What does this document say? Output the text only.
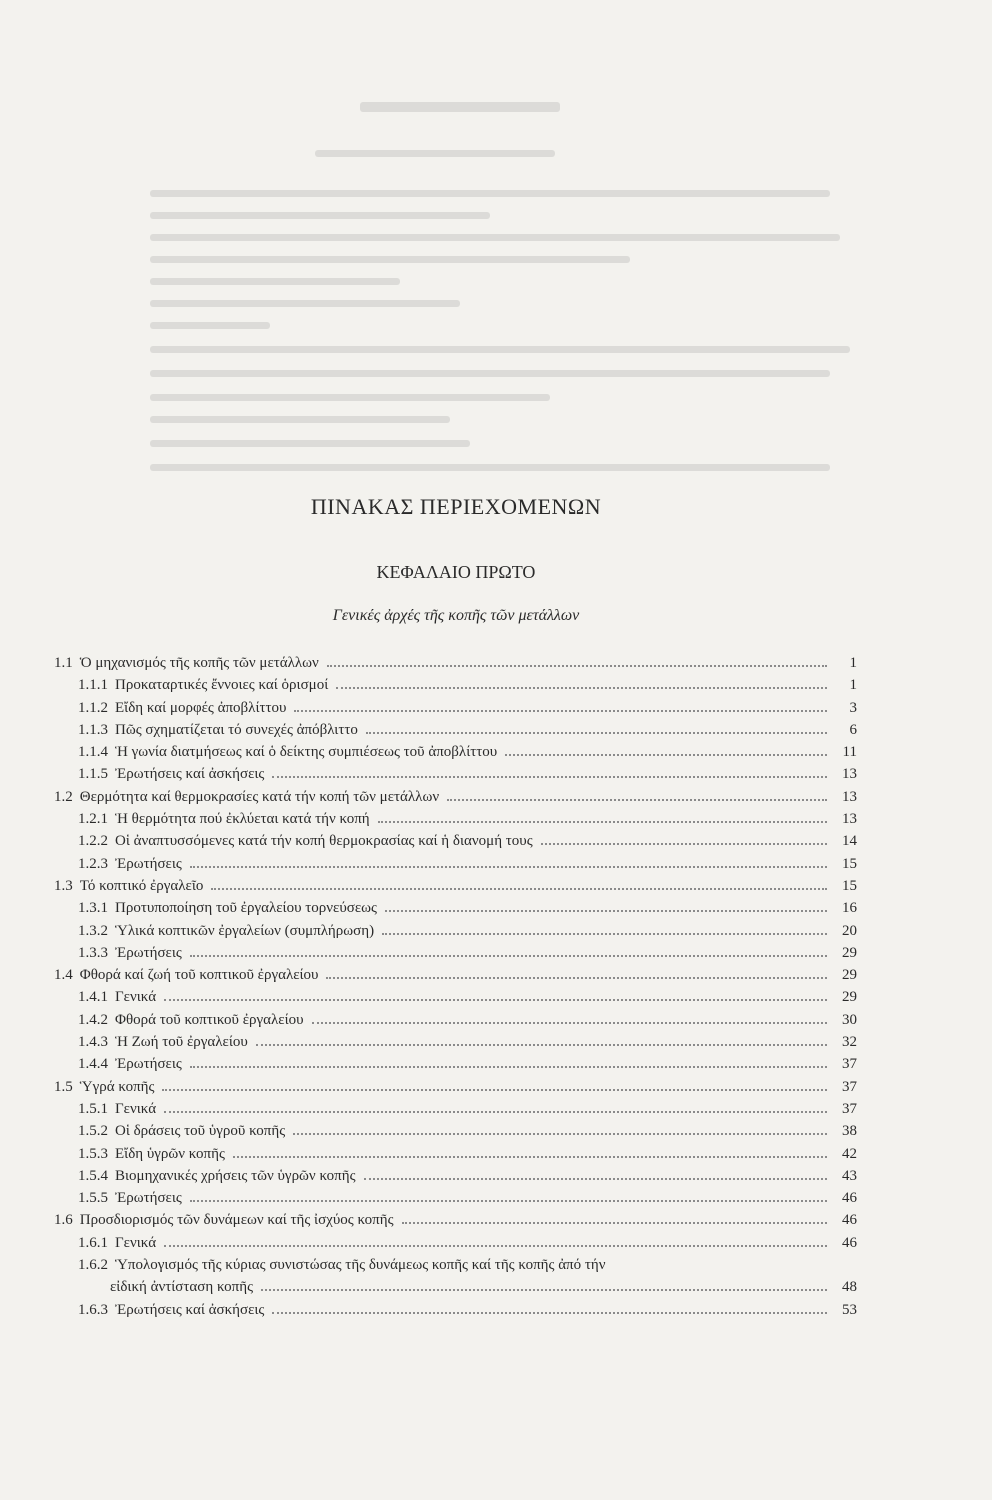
ΠΙΝΑΚΑΣ ΠΕΡΙΕΧΟΜΕΝΩΝ
ΚΕΦΑΛΑΙΟ ΠΡΩΤΟ
Γενικές ἀρχές τῆς κοπῆς τῶν μετάλλων
1.1 Ὁ μηχανισμός τῆς κοπῆς τῶν μετάλλων	1
1.1.1 Προκαταρτικές ἔννοιες καί ὁρισμοί	1
1.1.2 Εἴδη καί μορφές ἀποβλίττου	3
1.1.3 Πῶς σχηματίζεται τό συνεχές ἀπόβλιττο	6
1.1.4 Ἡ γωνία διατμήσεως καί ὁ δείκτης συμπιέσεως τοῦ ἀποβλίττου	11
1.1.5 Ἐρωτήσεις καί ἀσκήσεις	13
1.2 Θερμότητα καί θερμοκρασίες κατά τήν κοπή τῶν μετάλλων	13
1.2.1 Ἡ θερμότητα πού ἐκλύεται κατά τήν κοπή	13
1.2.2 Οἱ ἀναπτυσσόμενες κατά τήν κοπή θερμοκρασίας καί ἡ διανομή τους	14
1.2.3 Ἐρωτήσεις	15
1.3 Τό κοπτικό ἐργαλεῖο	15
1.3.1 Προτυποποίηση τοῦ ἐργαλείου τορνεύσεως	16
1.3.2 Ὑλικά κοπτικῶν ἐργαλείων (συμπλήρωση)	20
1.3.3 Ἐρωτήσεις	29
1.4 Φθορά καί ζωή τοῦ κοπτικοῦ ἐργαλείου	29
1.4.1 Γενικά	29
1.4.2 Φθορά τοῦ κοπτικοῦ ἐργαλείου	30
1.4.3 Ἡ Ζωή τοῦ ἐργαλείου	32
1.4.4 Ἐρωτήσεις	37
1.5 Ὑγρά κοπῆς	37
1.5.1 Γενικά	37
1.5.2 Οἱ δράσεις τοῦ ὑγροῦ κοπῆς	38
1.5.3 Εἴδη ὑγρῶν κοπῆς	42
1.5.4 Βιομηχανικές χρήσεις τῶν ὑγρῶν κοπῆς	43
1.5.5 Ἐρωτήσεις	46
1.6 Προσδιορισμός τῶν δυνάμεων καί τῆς ἰσχύος κοπῆς	46
1.6.1 Γενικά	46
1.6.2 Ὑπολογισμός τῆς κύριας συνιστώσας τῆς δυνάμεως κοπῆς καί τῆς κοπῆς ἀπό τήν
εἰδική ἀντίσταση κοπῆς	48
1.6.3 Ἐρωτήσεις καί ἀσκήσεις	53
